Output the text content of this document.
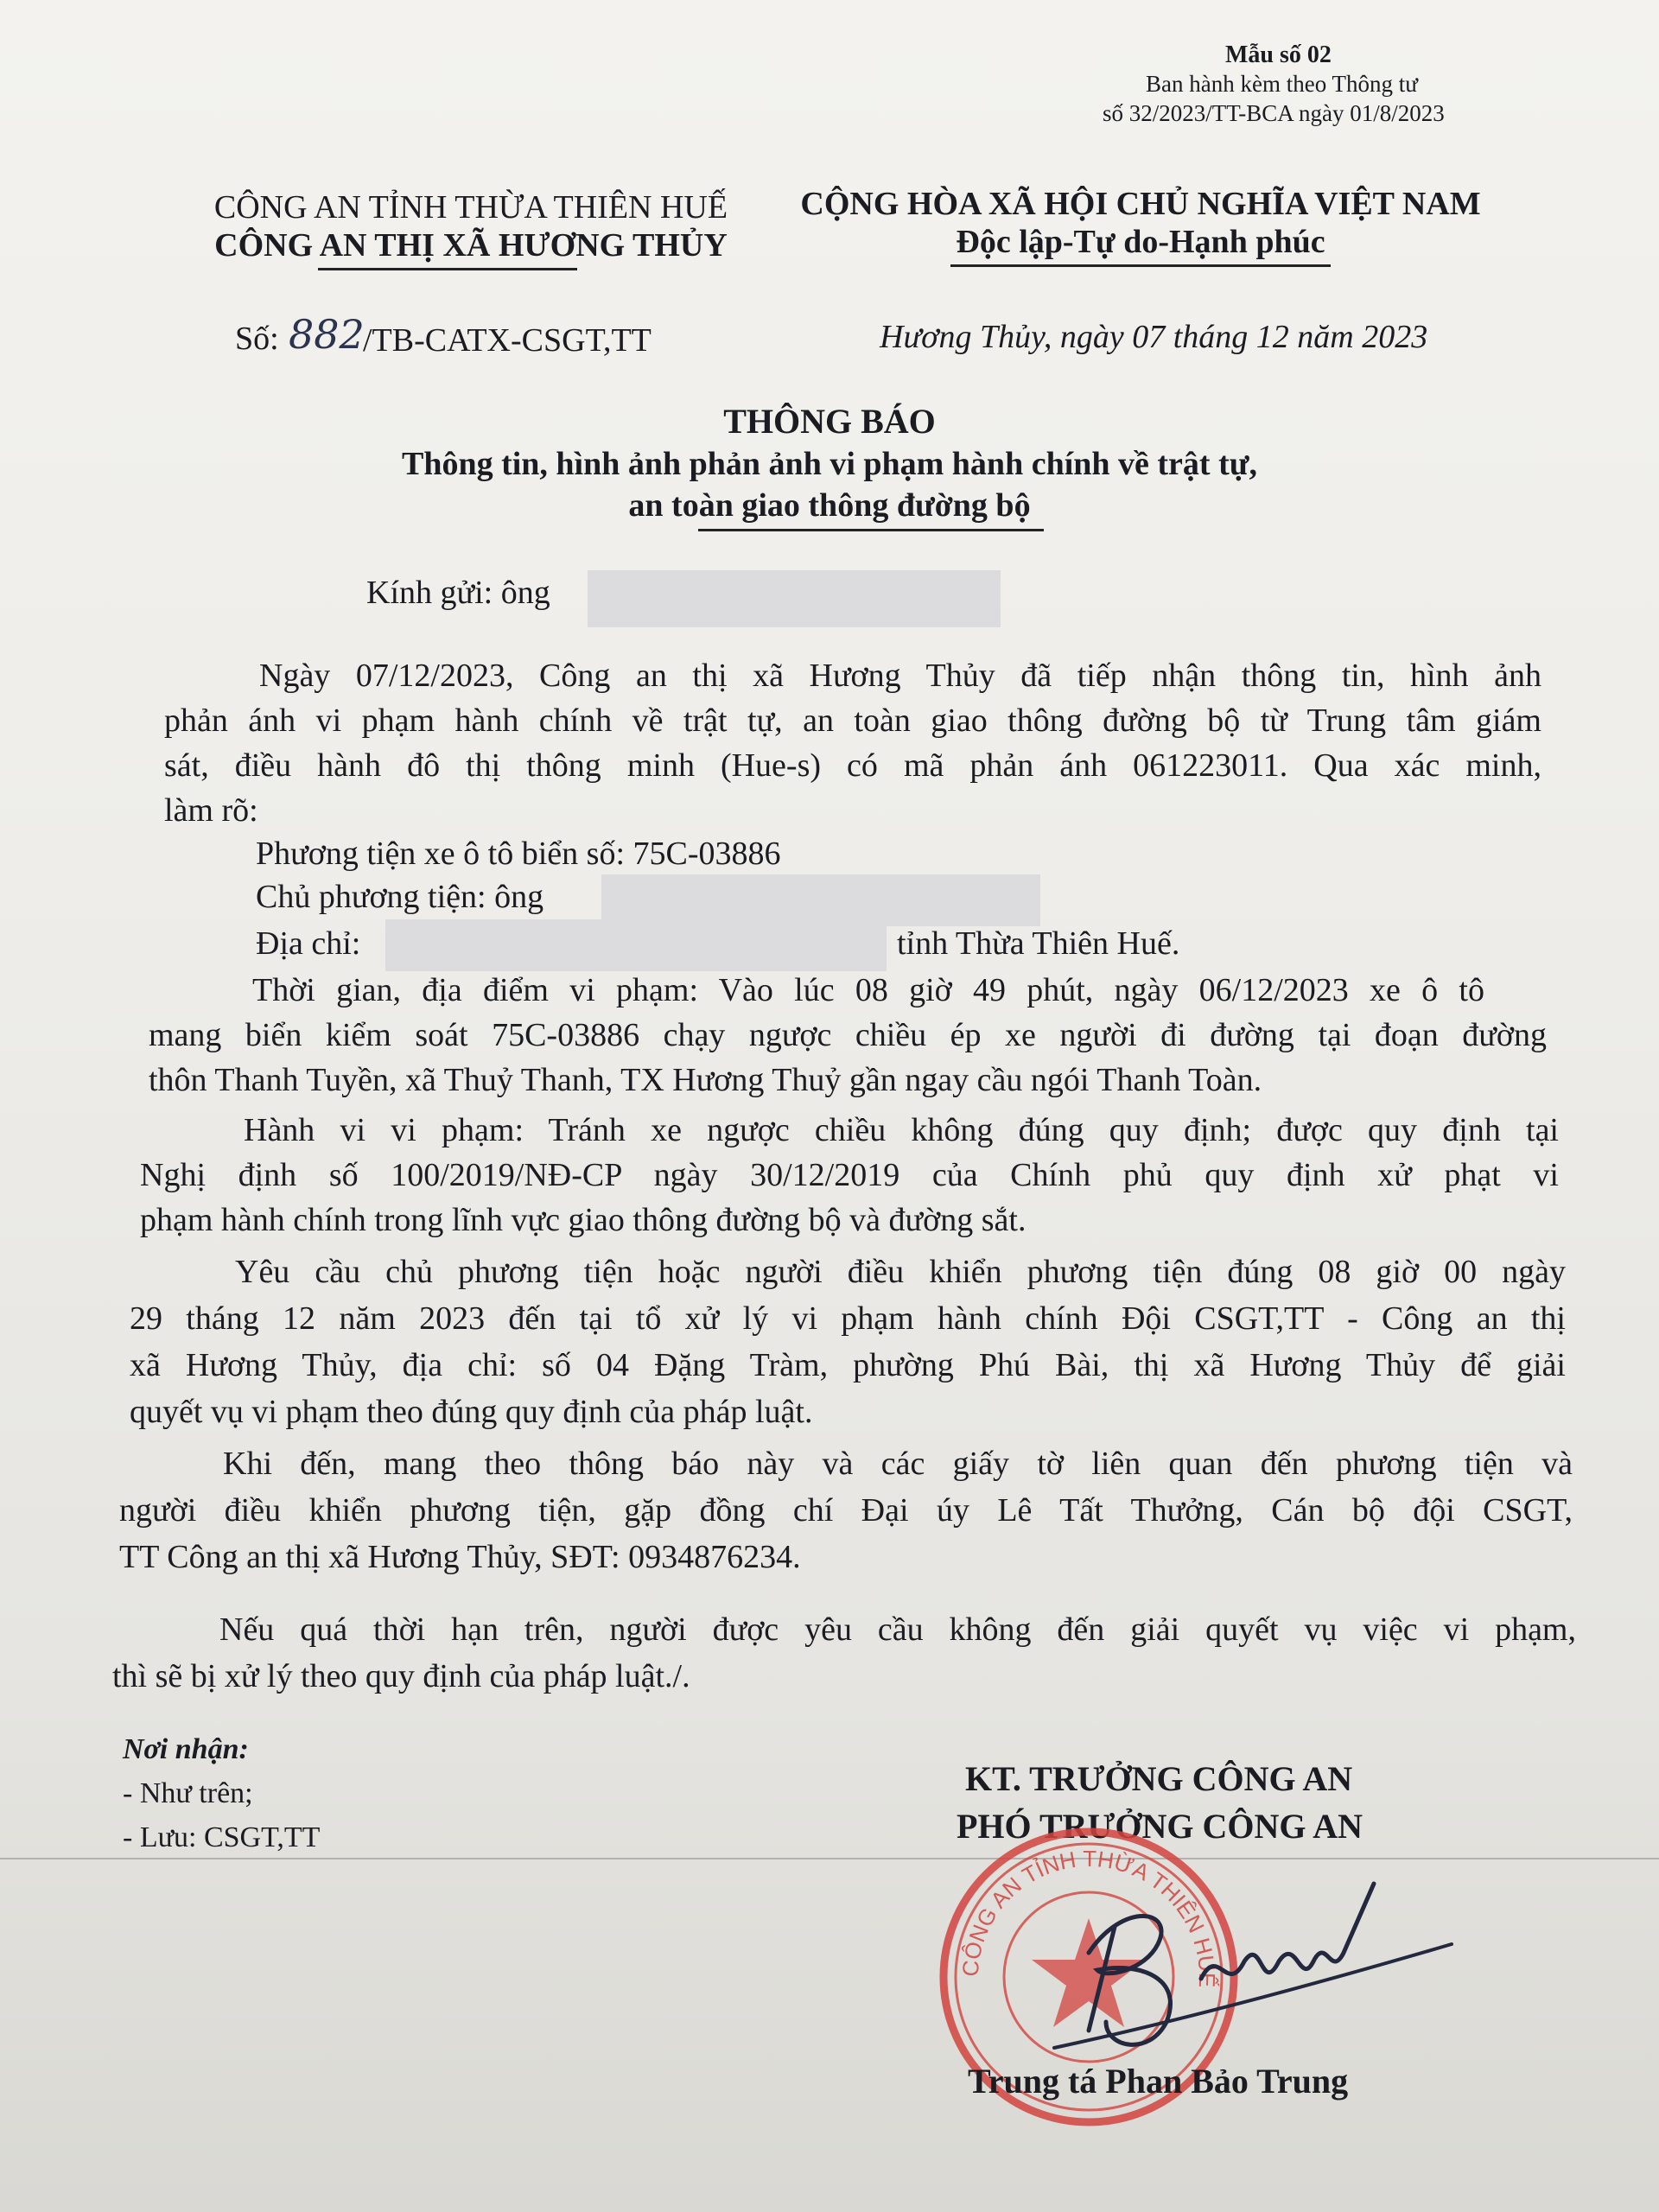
Mẫu số 02
Ban hành kèm theo Thông tư
số 32/2023/TT-BCA ngày 01/8/2023
CÔNG AN TỈNH THỪA THIÊN HUẾ
CÔNG AN THỊ XÃ HƯƠNG THỦY
CỘNG HÒA XÃ HỘI CHỦ NGHĨA VIỆT NAM
Độc lập-Tự do-Hạnh phúc
Số: 882
/TB-CATX-CSGT,TT	Hương Thủy, ngày 07 tháng 12 năm 2023
THÔNG BÁO
Thông tin, hình ảnh phản ảnh vi phạm hành chính về trật tự,
an toàn giao thông đường bộ
Kính gửi: ông
Ngày 07/12/2023, Công an thị xã Hương Thủy đã tiếp nhận thông tin, hình ảnh
phản ánh vi phạm hành chính về trật tự, an toàn giao thông đường bộ từ Trung tâm giám
sát, điều hành đô thị thông minh (Hue-s) có mã phản ánh 061223011. Qua xác minh,
làm rõ:
Phương tiện xe ô tô biển số: 75C-03886
Chủ phương tiện: ông
Địa chỉ:	tỉnh Thừa Thiên Huế.
Thời gian, địa điểm vi phạm: Vào lúc 08 giờ 49 phút, ngày 06/12/2023 xe ô tô
mang biển kiểm soát 75C-03886 chạy ngược chiều ép xe người đi đường tại đoạn đường
thôn Thanh Tuyền, xã Thuỷ Thanh, TX Hương Thuỷ gần ngay cầu ngói Thanh Toàn.
Hành vi vi phạm: Tránh xe ngược chiều không đúng quy định; được quy định tại
Nghị định số 100/2019/NĐ-CP ngày 30/12/2019 của Chính phủ quy định xử phạt vi
phạm hành chính trong lĩnh vực giao thông đường bộ và đường sắt.
Yêu cầu chủ phương tiện hoặc người điều khiển phương tiện đúng 08 giờ 00 ngày
29 tháng 12 năm 2023 đến tại tổ xử lý vi phạm hành chính Đội CSGT,TT - Công an thị
xã Hương Thủy, địa chỉ: số 04 Đặng Tràm, phường Phú Bài, thị xã Hương Thủy để giải
quyết vụ vi phạm theo đúng quy định của pháp luật.
Khi đến, mang theo thông báo này và các giấy tờ liên quan đến phương tiện và
người điều khiển phương tiện, gặp đồng chí Đại úy Lê Tất Thưởng, Cán bộ đội CSGT,
TT Công an thị xã Hương Thủy, SĐT: 0934876234.
Nếu quá thời hạn trên, người được yêu cầu không đến giải quyết vụ việc vi phạm,
thì sẽ bị xử lý theo quy định của pháp luật./.
Nơi nhận:
- Như trên;
- Lưu: CSGT,TT
KT. TRƯỞNG CÔNG AN
PHÓ TRƯỞNG CÔNG AN
CÔNG AN TỈNH THỪA THIÊN HUẾ
Trung tá Phan Bảo Trung
